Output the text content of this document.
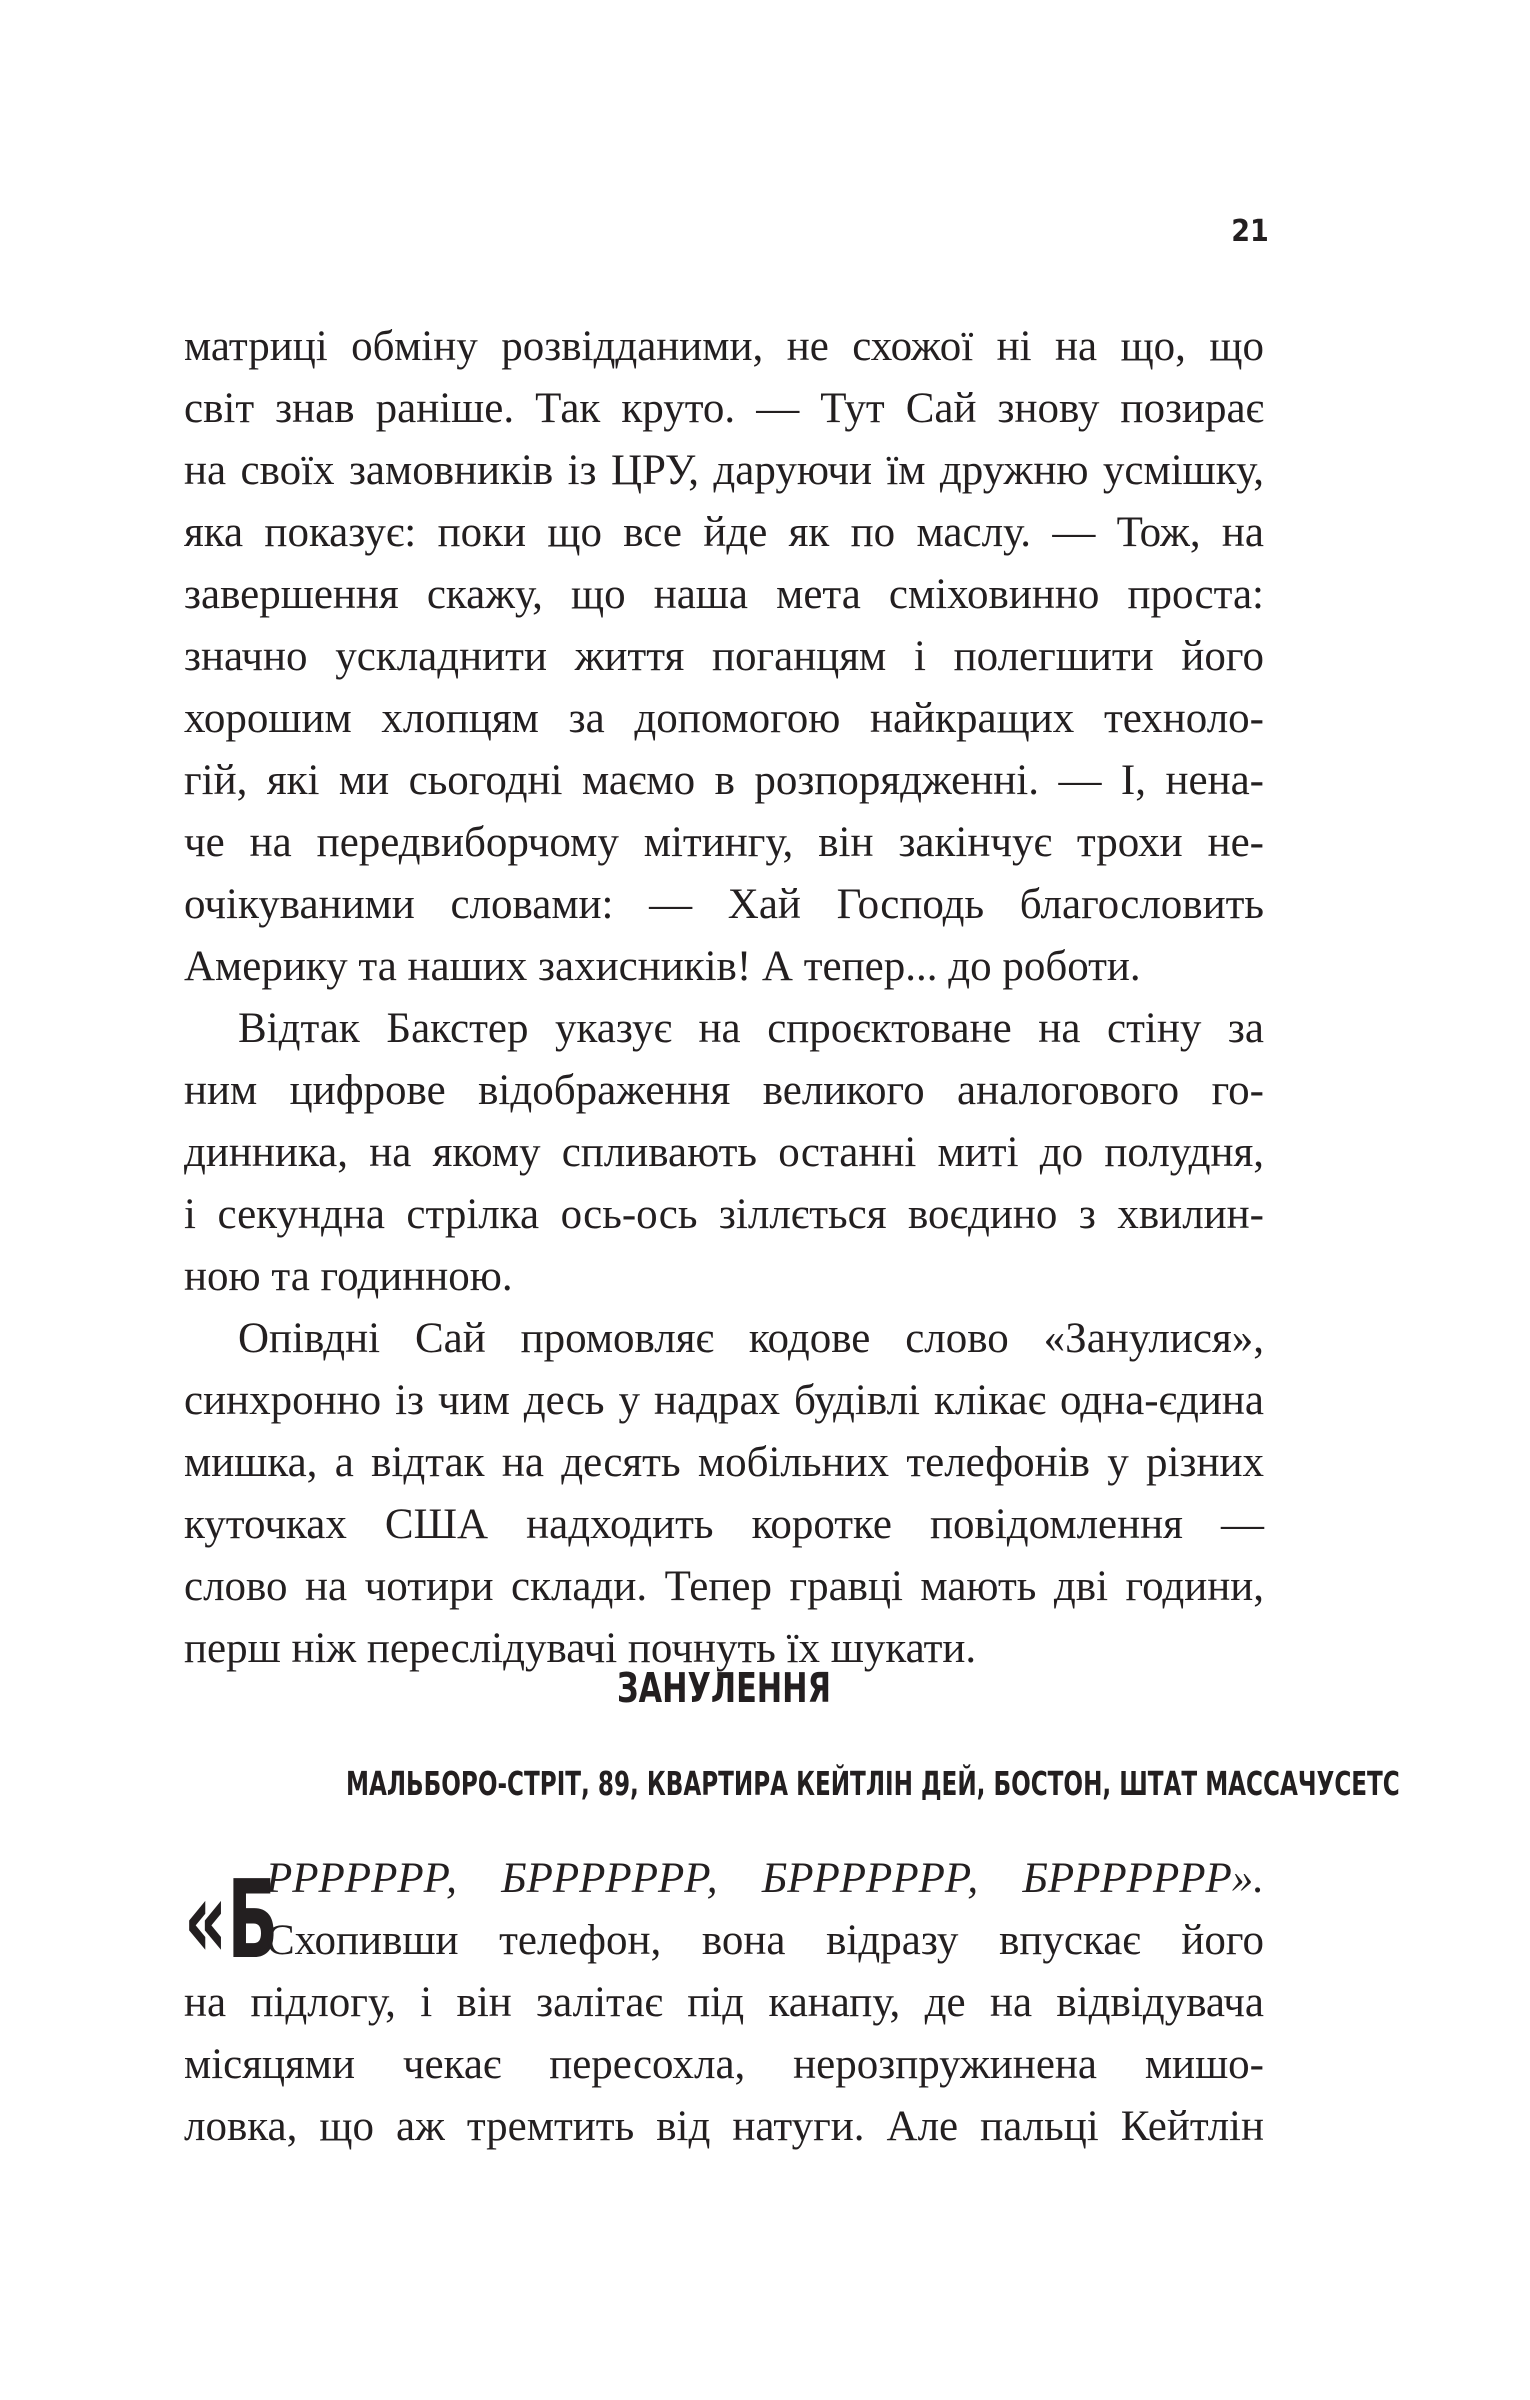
21
матриці обміну розвідданими, не схожої ні на що, що
світ знав раніше. Так круто. — Тут Сай знову позирає
на своїх замовників із ЦРУ, даруючи їм дружню усмішку,
яка показує: поки що все йде як по маслу. — Тож, на
завершення скажу, що наша мета сміховинно проста:
значно ускладнити життя поганцям і полегшити його
хорошим хлопцям за допомогою найкращих техноло-
гій, які ми сьогодні маємо в розпорядженні. — І, нена-
че на передвиборчому мітингу, він закінчує трохи не-
очікуваними словами: — Хай Господь благословить
Америку та наших захисників! А тепер... до роботи.
Відтак Бакстер указує на спроєктоване на стіну за
ним цифрове відображення великого аналогового го-
динника, на якому спливають останні миті до полудня,
і секундна стрілка ось-ось зіллється воєдино з хвилин-
ною та годинною.
Опівдні Сай промовляє кодове слово «Занулися»,
синхронно із чим десь у надрах будівлі клікає одна-єдина
мишка, а відтак на десять мобільних телефонів у різних
куточках США надходить коротке повідомлення —
слово на чотири склади. Тепер гравці мають дві години,
перш ніж переслідувачі почнуть їх шукати.
ЗАНУЛЕННЯ
МАЛЬБОРО-СТРІТ, 89, КВАРТИРА КЕЙТЛІН ДЕЙ, БОСТОН, ШТАТ МАССАЧУСЕТС
«Б
РРРРРРР, БРРРРРРР, БРРРРРРР, БРРРРРРР».
Схопивши телефон, вона відразу впускає його
на підлогу, і він залітає під канапу, де на відвідувача
місяцями чекає пересохла, нерозпружинена мишо-
ловка, що аж тремтить від натуги. Але пальці Кейтлін
